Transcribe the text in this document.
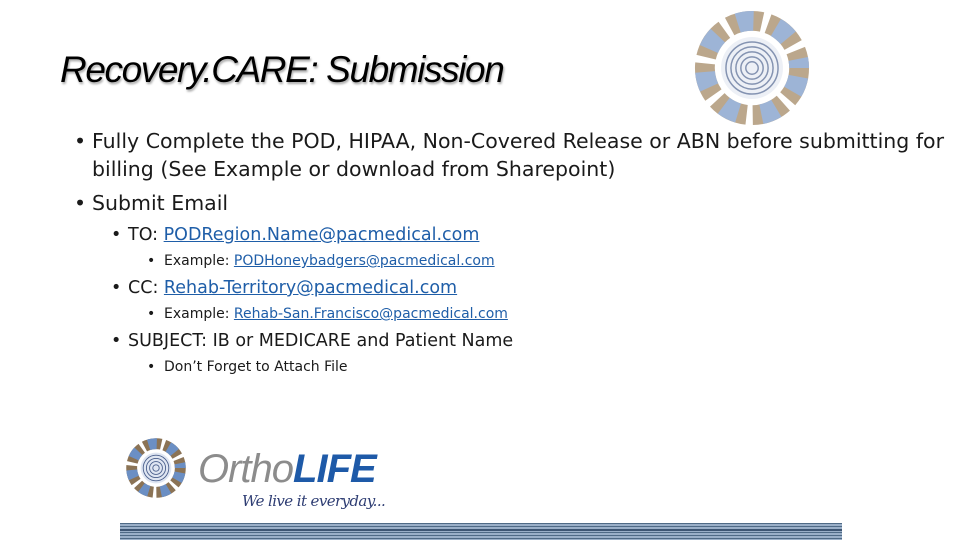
Recovery.CARE: Submission
• Fully Complete the POD, HIPAA, Non-Covered Release or ABN before submitting for billing (See Example or download from Sharepoint)
• Submit Email
• TO: PODRegion.Name@pacmedical.com
• Example: PODHoneybadgers@pacmedical.com
• CC: Rehab-Territory@pacmedical.com
• Example: Rehab-San.Francisco@pacmedical.com
• SUBJECT: IB or MEDICARE and Patient Name
• Don’t Forget to Attach File
OrthoLIFE
We live it everyday...
